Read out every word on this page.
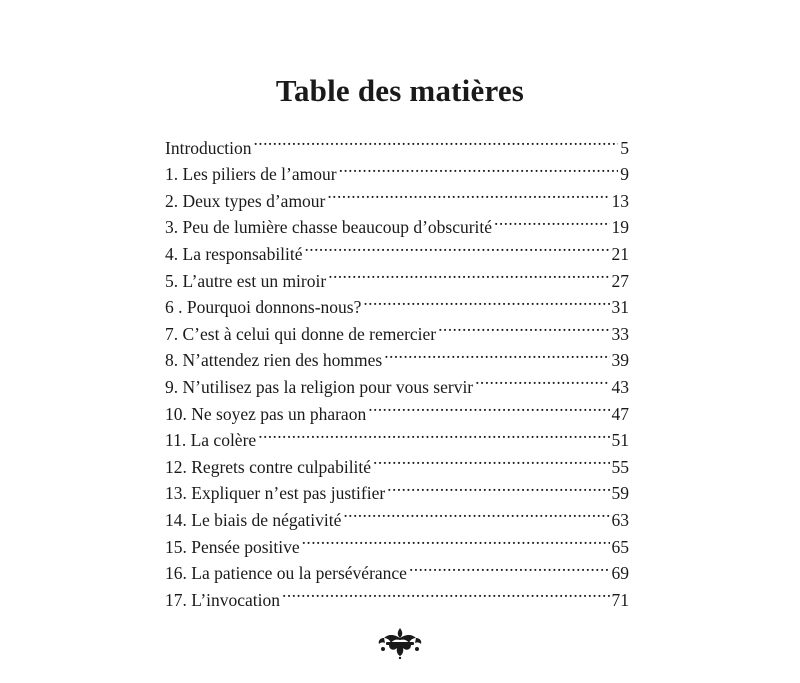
Table des matières
Introduction .....	5
1. Les piliers de l’amour .....	9
2. Deux types d’amour .....	13
3. Peu de lumière chasse beaucoup d’obscurité .....	19
4. La responsabilité .....	21
5. L’autre est un miroir .....	27
6 . Pourquoi donnons-nous? .....	31
7. C’est à celui qui donne de remercier .....	33
8. N’attendez rien des hommes .....	39
9. N’utilisez pas la religion pour vous servir .....	43
10. Ne soyez pas un pharaon .....	47
11. La colère .....	51
12. Regrets contre culpabilité .....	55
13. Expliquer n’est pas justifier .....	59
14. Le biais de négativité .....	63
15. Pensée positive .....	65
16. La patience ou la persévérance .....	69
17. L’invocation .....	71
